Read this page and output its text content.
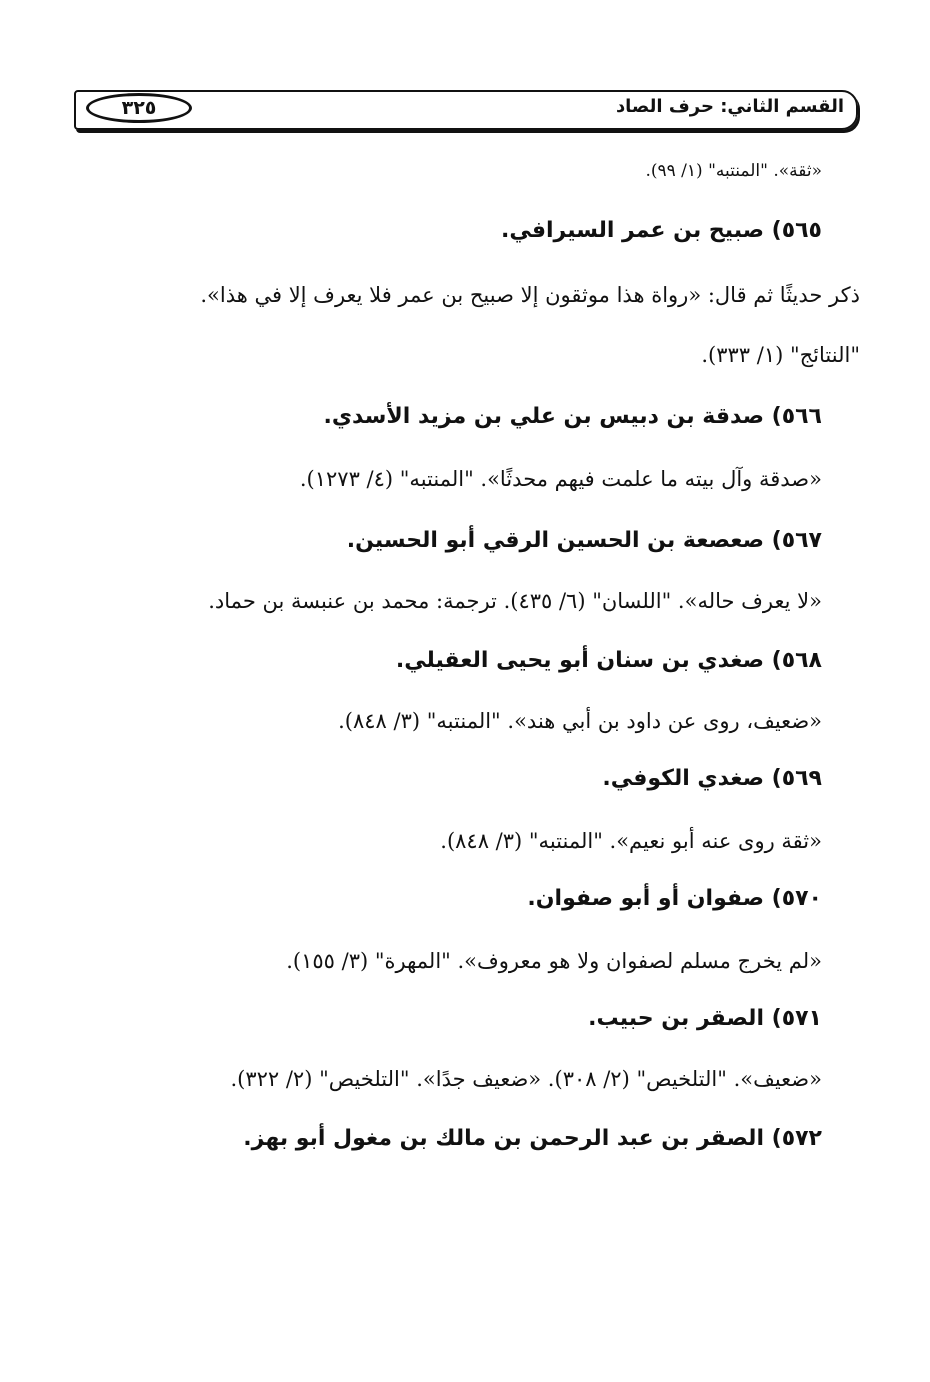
القسم الثاني: حرف الصاد
٣٢٥
«ثقة». "المنتبه" (١/ ٩٩).
٥٦٥) صبيح بن عمر السيرافي.
ذكر حديثًا ثم قال: «رواة هذا موثقون إلا صبيح بن عمر فلا يعرف إلا في هذا».
"النتائج" (١/ ٣٣٣).
٥٦٦) صدقة بن دبيس بن علي بن مزيد الأسدي.
«صدقة وآل بيته ما علمت فيهم محدثًا». "المنتبه" (٤/ ١٢٧٣).
٥٦٧) صعصعة بن الحسين الرقي أبو الحسين.
«لا يعرف حاله». "اللسان" (٦/ ٤٣٥). ترجمة: محمد بن عنبسة بن حماد.
٥٦٨) صغدي بن سنان أبو يحيى العقيلي.
«ضعيف، روى عن داود بن أبي هند». "المنتبه" (٣/ ٨٤٨).
٥٦٩) صغدي الكوفي.
«ثقة روى عنه أبو نعيم». "المنتبه" (٣/ ٨٤٨).
٥٧٠) صفوان أو أبو صفوان.
«لم يخرج مسلم لصفوان ولا هو معروف». "المهرة" (٣/ ١٥٥).
٥٧١) الصقر بن حبيب.
«ضعيف». "التلخيص" (٢/ ٣٠٨). «ضعيف جدًا». "التلخيص" (٢/ ٣٢٢).
٥٧٢) الصقر بن عبد الرحمن بن مالك بن مغول أبو بهز.
